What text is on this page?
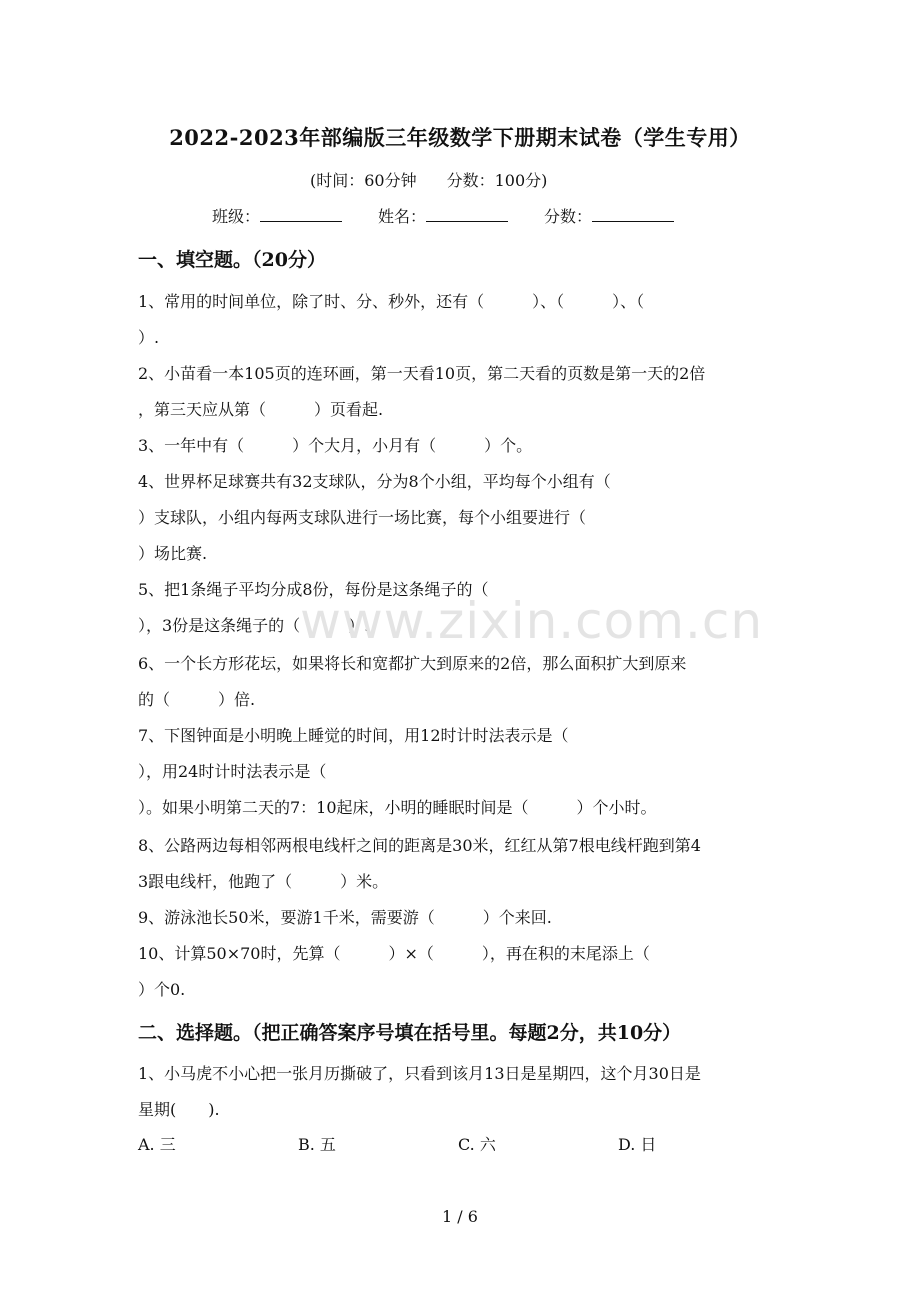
2022-2023年部编版三年级数学下册期末试卷（学生专用）
(时间：60分钟 分数：100分)
班级：	姓名：	分数：
一、填空题。（20分）
1、常用的时间单位，除了时、分、秒外，还有（　　　）、（　　　）、（
）.
2、小苗看一本105页的连环画，第一天看10页，第二天看的页数是第一天的2倍
，第三天应从第（　　　）页看起.
3、一年中有（　　　）个大月，小月有（　　　）个。
4、世界杯足球赛共有32支球队，分为8个小组，平均每个小组有（
）支球队，小组内每两支球队进行一场比赛，每个小组要进行（
）场比赛.
5、把1条绳子平均分成8份，每份是这条绳子的（
），3份是这条绳子的（　　　）.
6、一个长方形花坛，如果将长和宽都扩大到原来的2倍，那么面积扩大到原来
的（　　　）倍.
7、下图钟面是小明晚上睡觉的时间，用12时计时法表示是（
），用24时计时法表示是（
）。如果小明第二天的7：10起床，小明的睡眠时间是（　　　）个小时。
8、公路两边每相邻两根电线杆之间的距离是30米，红红从第7根电线杆跑到第4
3跟电线杆，他跑了（　　　）米。
9、游泳池长50米，要游1千米，需要游（　　　）个来回.
10、计算50×70时，先算（　　　）×（　　　），再在积的末尾添上（
）个0.
二、选择题。（把正确答案序号填在括号里。每题2分，共10分）
1、小马虎不小心把一张月历撕破了，只看到该月13日是星期四，这个月30日是
星期(　　).
A. 三	B. 五	C. 六	D. 日
www.zixin.com.cn
1 / 6
